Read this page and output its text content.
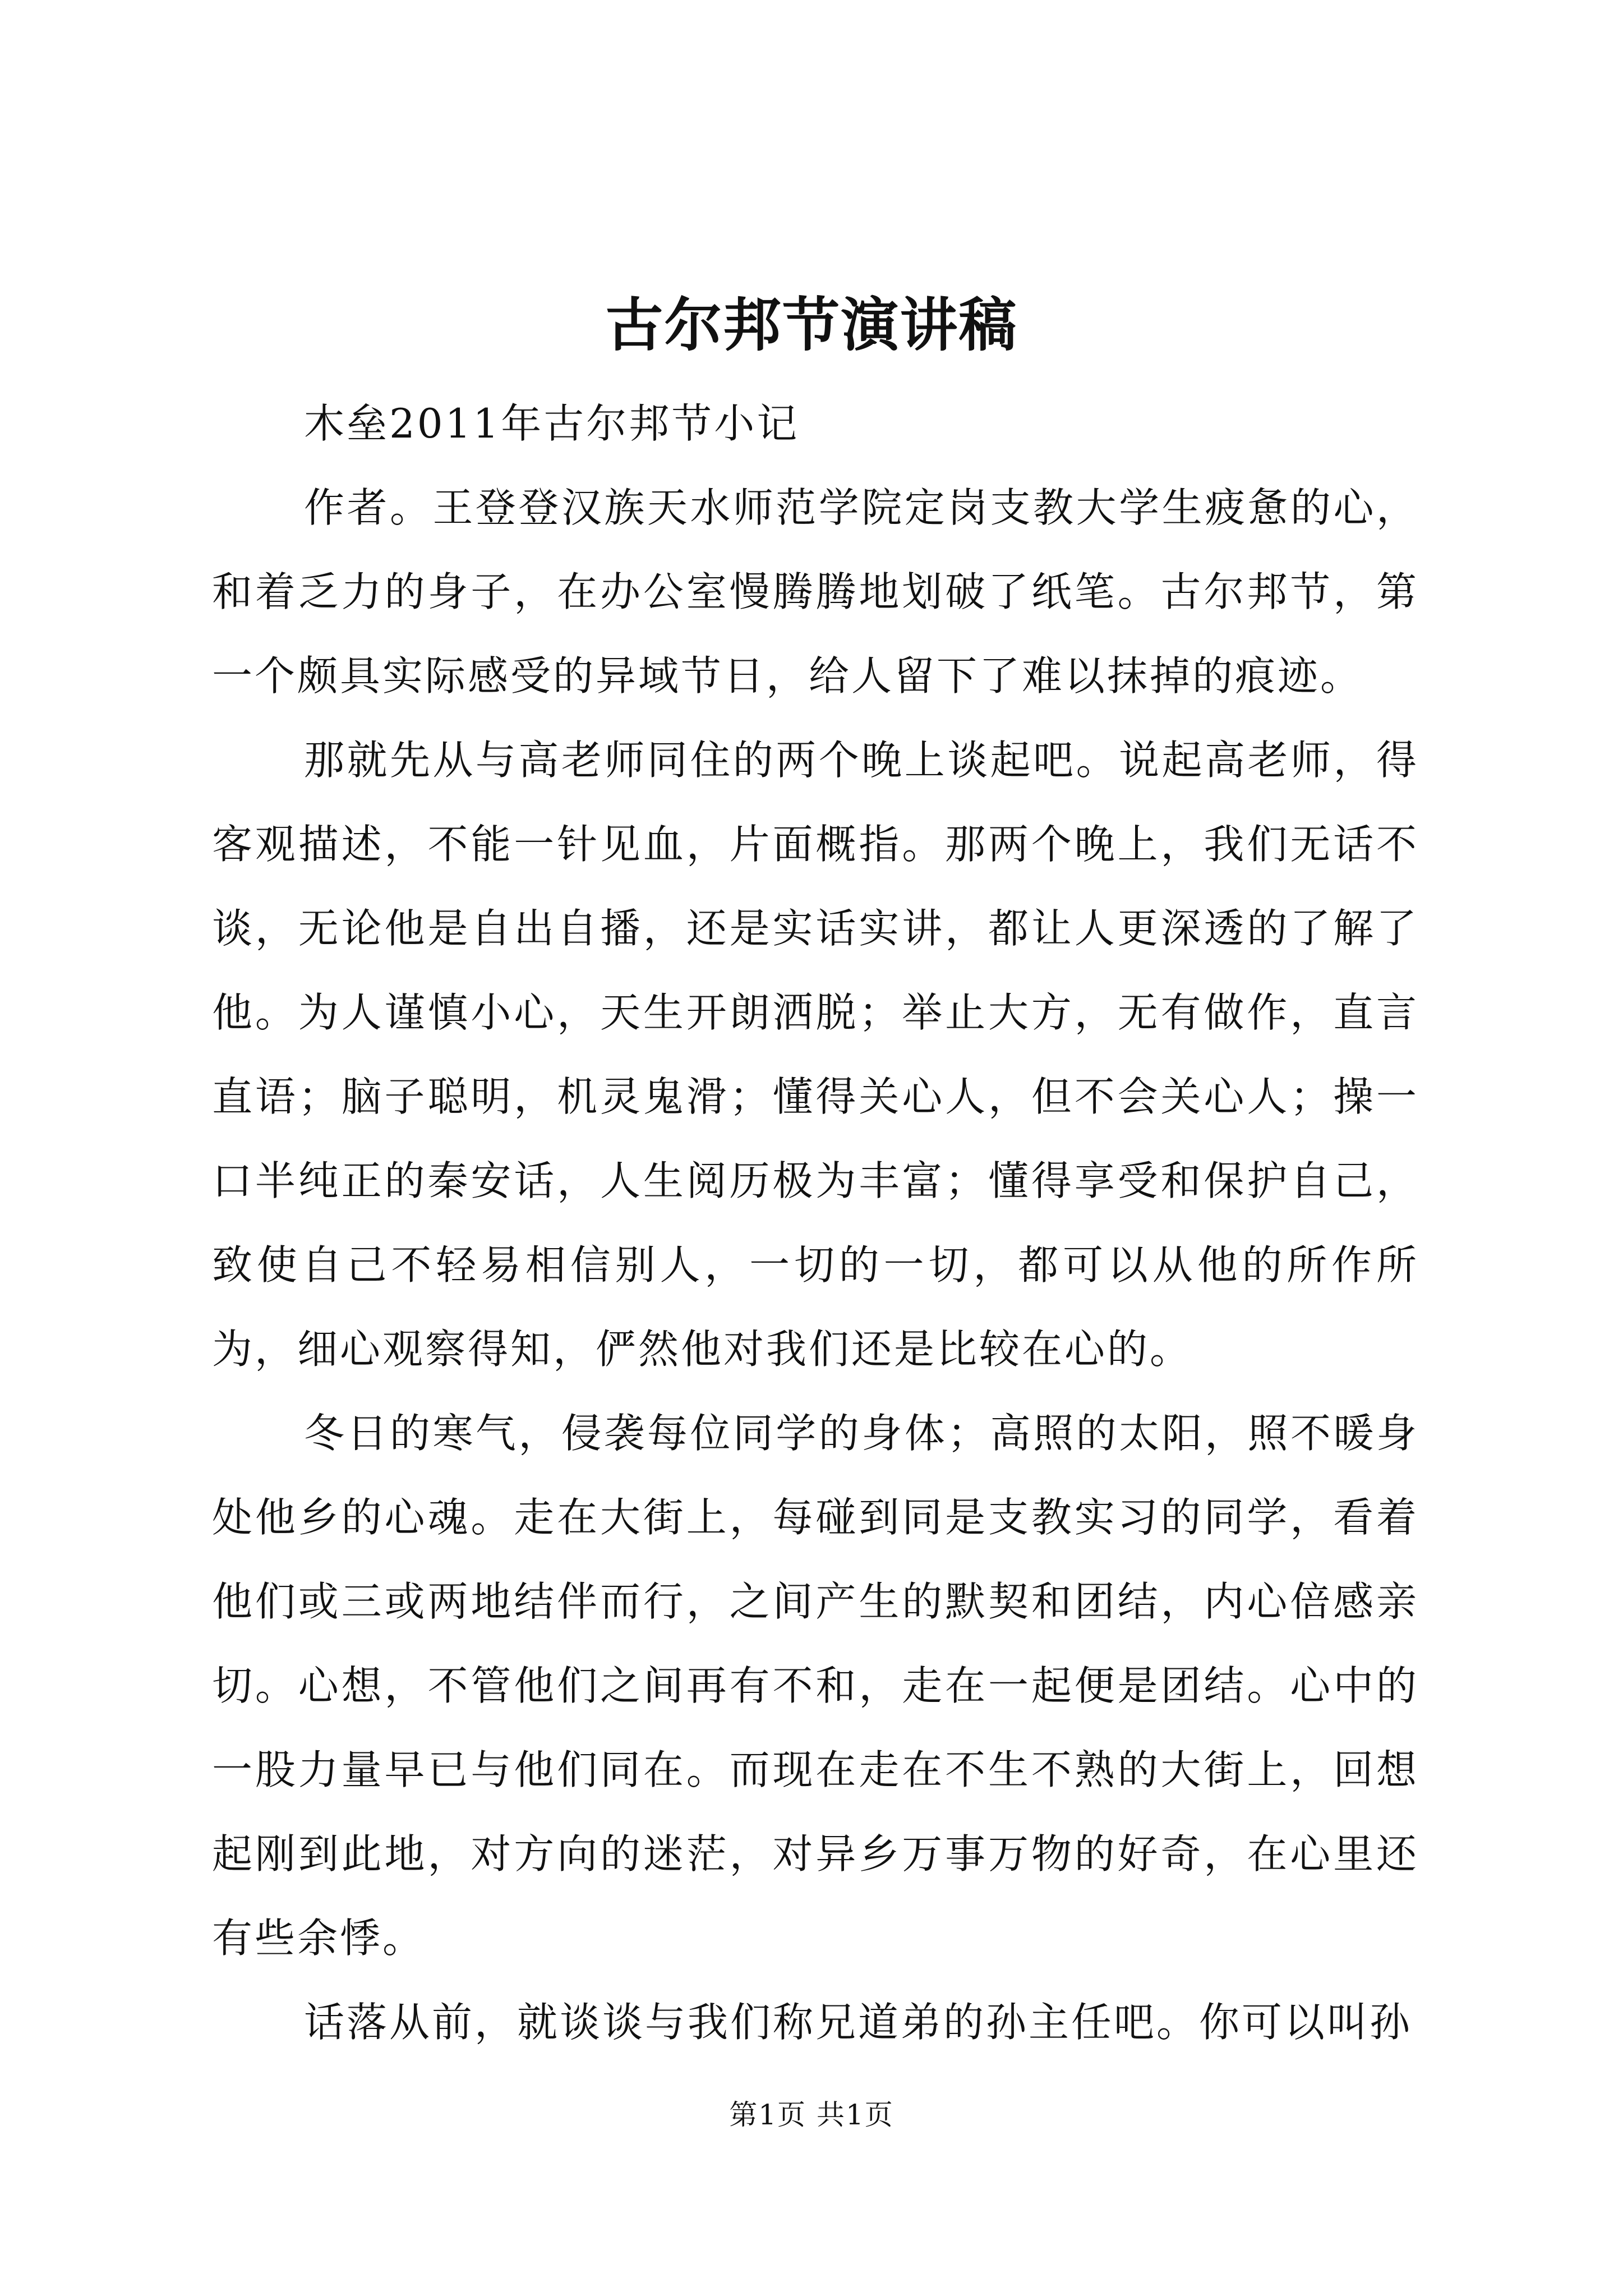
古尔邦节演讲稿

木垒2011年古尔邦节小记

作者。王登登汉族天水师范学院定岗支教大学生疲惫的心，和着乏力的身子，在办公室慢腾腾地划破了纸笔。古尔邦节，第一个颇具实际感受的异域节日，给人留下了难以抹掉的痕迹。

那就先从与高老师同住的两个晚上谈起吧。说起高老师，得客观描述，不能一针见血，片面概指。那两个晚上，我们无话不谈，无论他是自出自播，还是实话实讲，都让人更深透的了解了他。为人谨慎小心，天生开朗洒脱；举止大方，无有做作，直言直语；脑子聪明，机灵鬼滑；懂得关心人，但不会关心人；操一口半纯正的秦安话，人生阅历极为丰富；懂得享受和保护自己，致使自己不轻易相信别人，一切的一切，都可以从他的所作所为，细心观察得知，俨然他对我们还是比较在心的。

冬日的寒气，侵袭每位同学的身体；高照的太阳，照不暖身处他乡的心魂。走在大街上，每碰到同是支教实习的同学，看着他们或三或两地结伴而行，之间产生的默契和团结，内心倍感亲切。心想，不管他们之间再有不和，走在一起便是团结。心中的一股力量早已与他们同在。而现在走在不生不熟的大街上，回想起刚到此地，对方向的迷茫，对异乡万事万物的好奇，在心里还有些余悸。

话落从前，就谈谈与我们称兄道弟的孙主任吧。你可以叫孙

第1页 共1页
